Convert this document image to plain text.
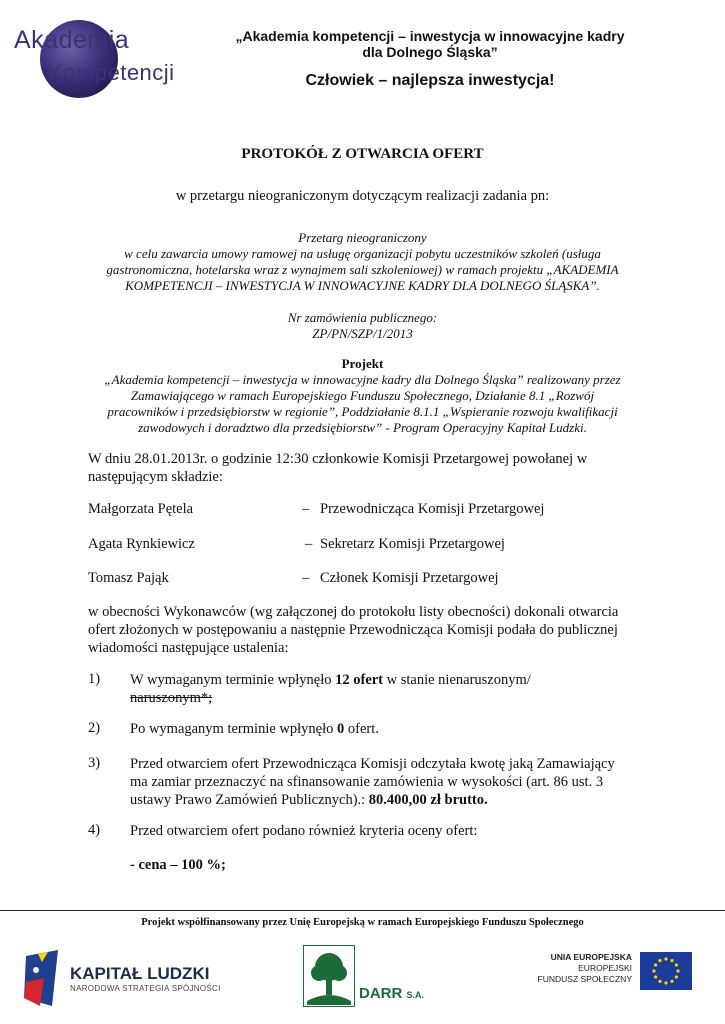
Akademia
Kompetencji
„Akademia kompetencji – inwestycja w innowacyjne kadry
dla Dolnego Śląska”
Człowiek – najlepsza inwestycja!
PROTOKÓŁ Z OTWARCIA OFERT
w przetargu nieograniczonym dotyczącym realizacji zadania pn:
Przetarg nieograniczony
w celu zawarcia umowy ramowej na usługę organizacji pobytu uczestników szkoleń (usługa
gastronomiczna, hotelarska wraz z wynajmem sali szkoleniowej) w ramach projektu „AKADEMIA
KOMPETENCJI – INWESTYCJA W INNOWACYJNE KADRY DLA DOLNEGO ŚLĄSKA”.
Nr zamówienia publicznego:
ZP/PN/SZP/1/2013
Projekt
„Akademia kompetencji – inwestycja w innowacyjne kadry dla Dolnego Śląska” realizowany przez
Zamawiającego w ramach Europejskiego Funduszu Społecznego, Działanie 8.1 „Rozwój
pracowników i przedsiębiorstw w regionie”, Poddziałanie 8.1.1 „Wspieranie rozwoju kwalifikacji
zawodowych i doradztwo dla przedsiębiorstw” - Program Operacyjny Kapitał Ludzki.
W dniu 28.01.2013r. o godzinie 12:30 członkowie Komisji Przetargowej powołanej w
następującym składzie:
Małgorzata Pętela	– Przewodnicząca Komisji Przetargowej
Agata Rynkiewicz	– Sekretarz Komisji Przetargowej
Tomasz Pająk	– Członek Komisji Przetargowej
w obecności Wykonawców (wg załączonej do protokołu listy obecności) dokonali otwarcia
ofert złożonych w postępowaniu a następnie Przewodnicząca Komisji podała do publicznej
wiadomości następujące ustalenia:
1) W wymaganym terminie wpłynęło 12 ofert w stanie nienaruszonym/
naruszonym*;
2) Po wymaganym terminie wpłynęło 0 ofert.
3) Przed otwarciem ofert Przewodnicząca Komisji odczytała kwotę jaką Zamawiający
ma zamiar przeznaczyć na sfinansowanie zamówienia w wysokości (art. 86 ust. 3
ustawy Prawo Zamówień Publicznych).: 80.400,00 zł brutto.
4) Przed otwarciem ofert podano również kryteria oceny ofert:
- cena – 100 %;
Projekt współfinansowany przez Unię Europejską w ramach Europejskiego Funduszu Społecznego
KAPITAŁ LUDZKI
NARODOWA STRATEGIA SPÓJNOŚCI	DARR S.A.
UNIA EUROPEJSKA
EUROPEJSKI
FUNDUSZ SPOŁECZNY
